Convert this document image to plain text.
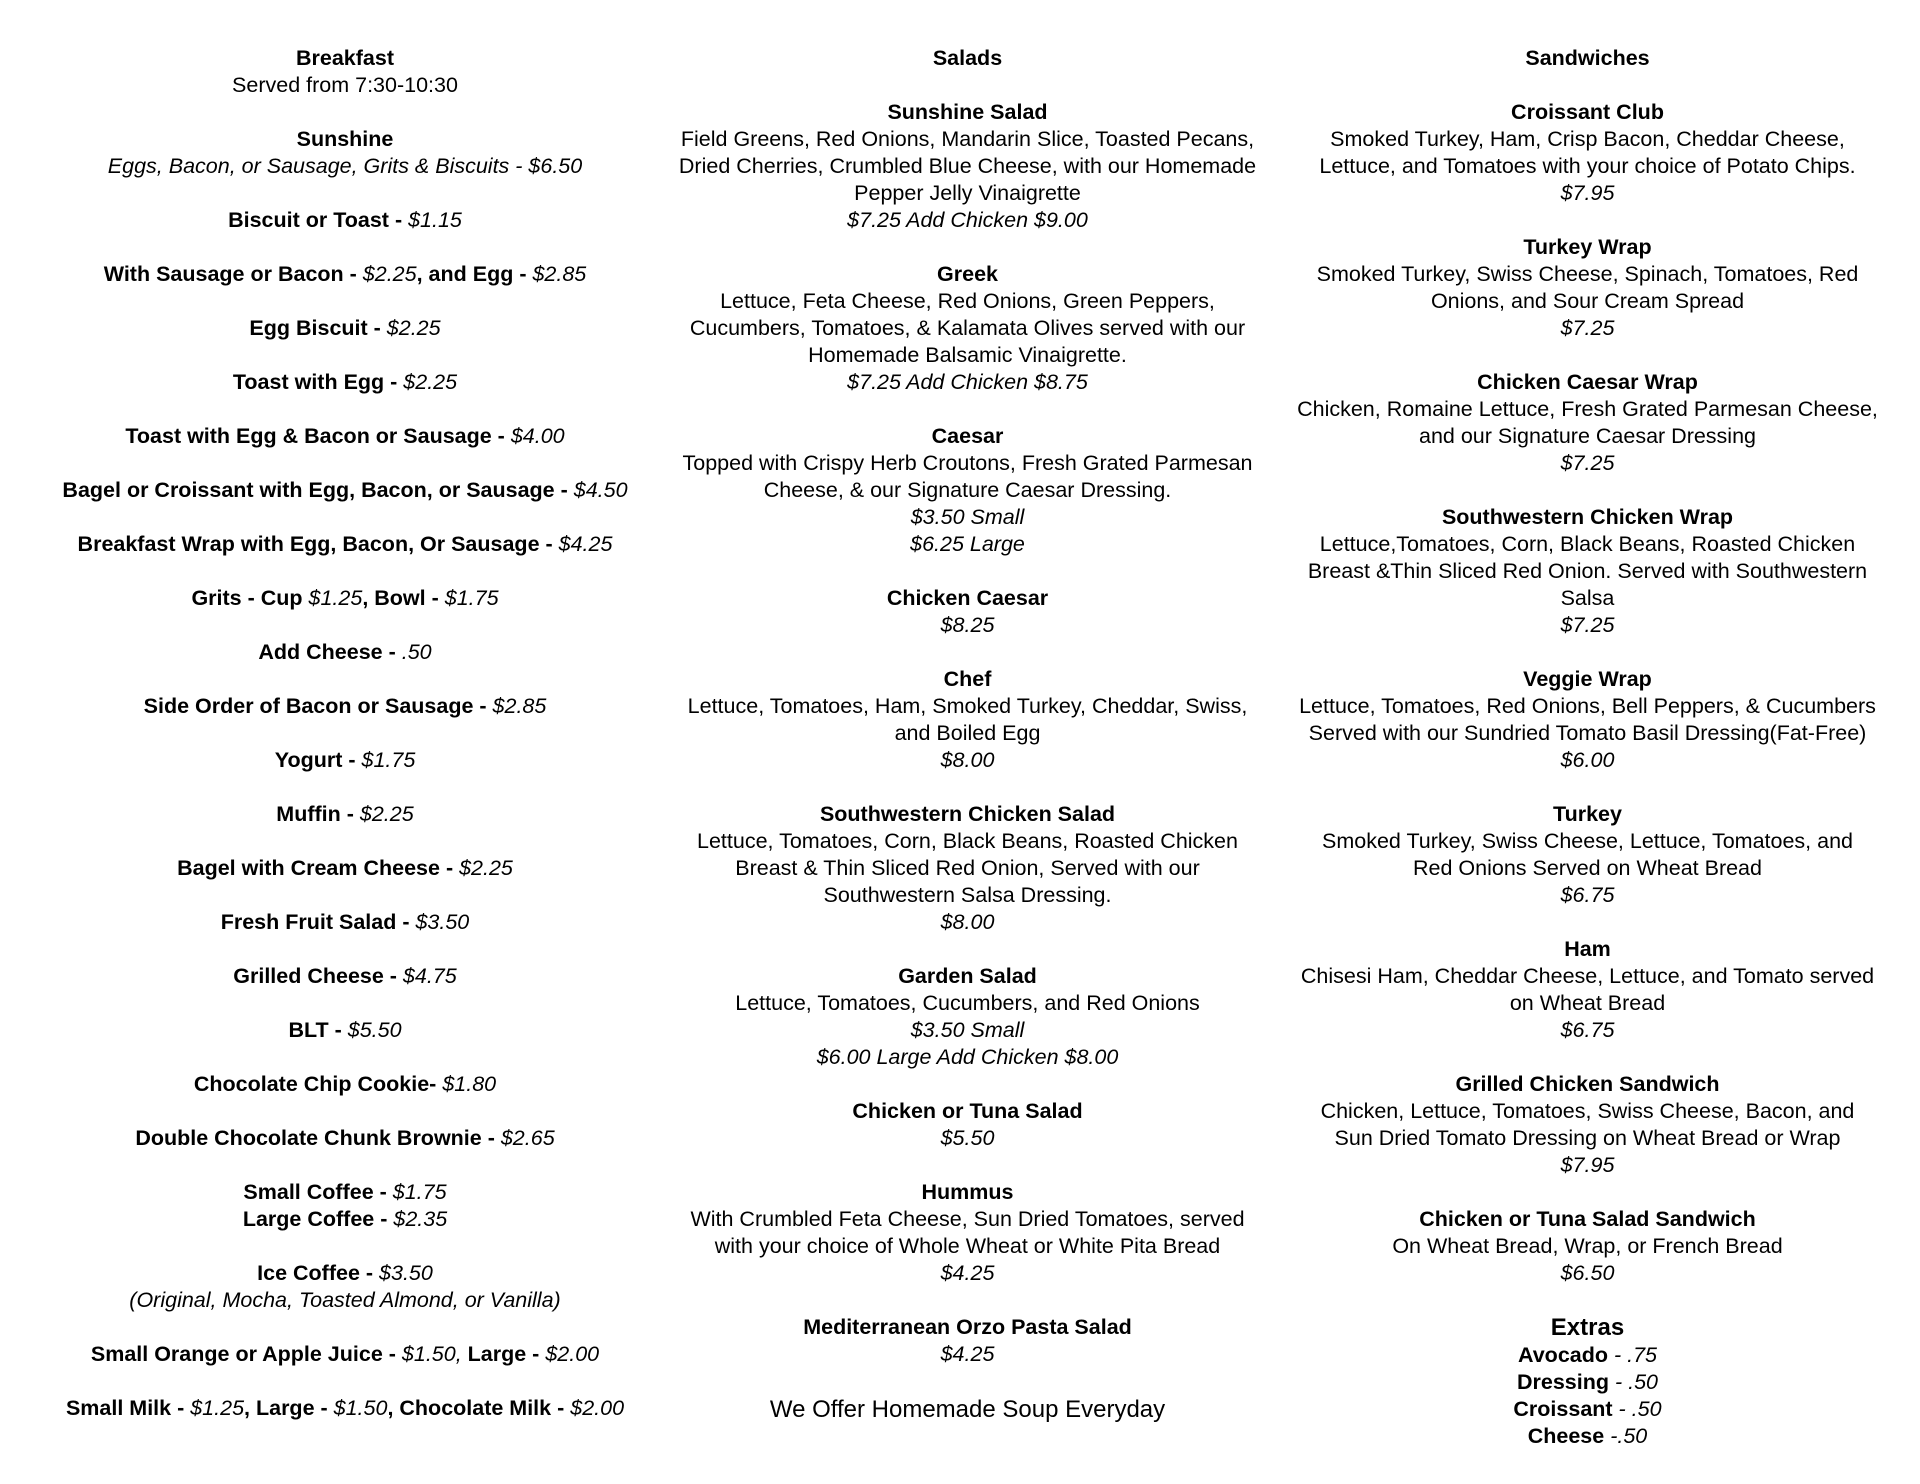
Breakfast
Served from 7:30-10:30
Sunshine
Eggs, Bacon, or Sausage, Grits & Biscuits - $6.50
Biscuit or Toast - $1.15
With Sausage or Bacon - $2.25, and Egg - $2.85
Egg Biscuit - $2.25
Toast with Egg - $2.25
Toast with Egg & Bacon or Sausage - $4.00
Bagel or Croissant with Egg, Bacon, or Sausage - $4.50
Breakfast Wrap with Egg, Bacon, Or Sausage - $4.25
Grits - Cup $1.25, Bowl - $1.75
Add Cheese - .50
Side Order of Bacon or Sausage - $2.85
Yogurt - $1.75
Muffin - $2.25
Bagel with Cream Cheese - $2.25
Fresh Fruit Salad - $3.50
Grilled Cheese - $4.75
BLT - $5.50
Chocolate Chip Cookie- $1.80
Double Chocolate Chunk Brownie - $2.65
Small Coffee - $1.75
Large Coffee - $2.35
Ice Coffee - $3.50
(Original, Mocha, Toasted Almond, or Vanilla)
Small Orange or Apple Juice - $1.50, Large - $2.00
Small Milk - $1.25, Large - $1.50, Chocolate Milk - $2.00
Salads
Sunshine Salad
Field Greens, Red Onions, Mandarin Slice, Toasted Pecans,
Dried Cherries, Crumbled Blue Cheese, with our Homemade
Pepper Jelly Vinaigrette
$7.25 Add Chicken $9.00
Greek
Lettuce, Feta Cheese, Red Onions, Green Peppers,
Cucumbers, Tomatoes, & Kalamata Olives served with our
Homemade Balsamic Vinaigrette.
$7.25 Add Chicken $8.75
Caesar
Topped with Crispy Herb Croutons, Fresh Grated Parmesan
Cheese, & our Signature Caesar Dressing.
$3.50 Small
$6.25 Large
Chicken Caesar
$8.25
Chef
Lettuce, Tomatoes, Ham, Smoked Turkey, Cheddar, Swiss,
and Boiled Egg
$8.00
Southwestern Chicken Salad
Lettuce, Tomatoes, Corn, Black Beans, Roasted Chicken
Breast & Thin Sliced Red Onion, Served with our
Southwestern Salsa Dressing.
$8.00
Garden Salad
Lettuce, Tomatoes, Cucumbers, and Red Onions
$3.50 Small
$6.00 Large Add Chicken $8.00
Chicken or Tuna Salad
$5.50
Hummus
With Crumbled Feta Cheese, Sun Dried Tomatoes, served
with your choice of Whole Wheat or White Pita Bread
$4.25
Mediterranean Orzo Pasta Salad
$4.25
We Offer Homemade Soup Everyday
Sandwiches
Croissant Club
Smoked Turkey, Ham, Crisp Bacon, Cheddar Cheese,
Lettuce, and Tomatoes with your choice of Potato Chips.
$7.95
Turkey Wrap
Smoked Turkey, Swiss Cheese, Spinach, Tomatoes, Red
Onions, and Sour Cream Spread
$7.25
Chicken Caesar Wrap
Chicken, Romaine Lettuce, Fresh Grated Parmesan Cheese,
and our Signature Caesar Dressing
$7.25
Southwestern Chicken Wrap
Lettuce,Tomatoes, Corn, Black Beans, Roasted Chicken
Breast &Thin Sliced Red Onion. Served with Southwestern
Salsa
$7.25
Veggie Wrap
Lettuce, Tomatoes, Red Onions, Bell Peppers, & Cucumbers
Served with our Sundried Tomato Basil Dressing(Fat-Free)
$6.00
Turkey
Smoked Turkey, Swiss Cheese, Lettuce, Tomatoes, and
Red Onions Served on Wheat Bread
$6.75
Ham
Chisesi Ham, Cheddar Cheese, Lettuce, and Tomato served
on Wheat Bread
$6.75
Grilled Chicken Sandwich
Chicken, Lettuce, Tomatoes, Swiss Cheese, Bacon, and
Sun Dried Tomato Dressing on Wheat Bread or Wrap
$7.95
Chicken or Tuna Salad Sandwich
On Wheat Bread, Wrap, or French Bread
$6.50
Extras
Avocado - .75
Dressing - .50
Croissant - .50
Cheese -.50
